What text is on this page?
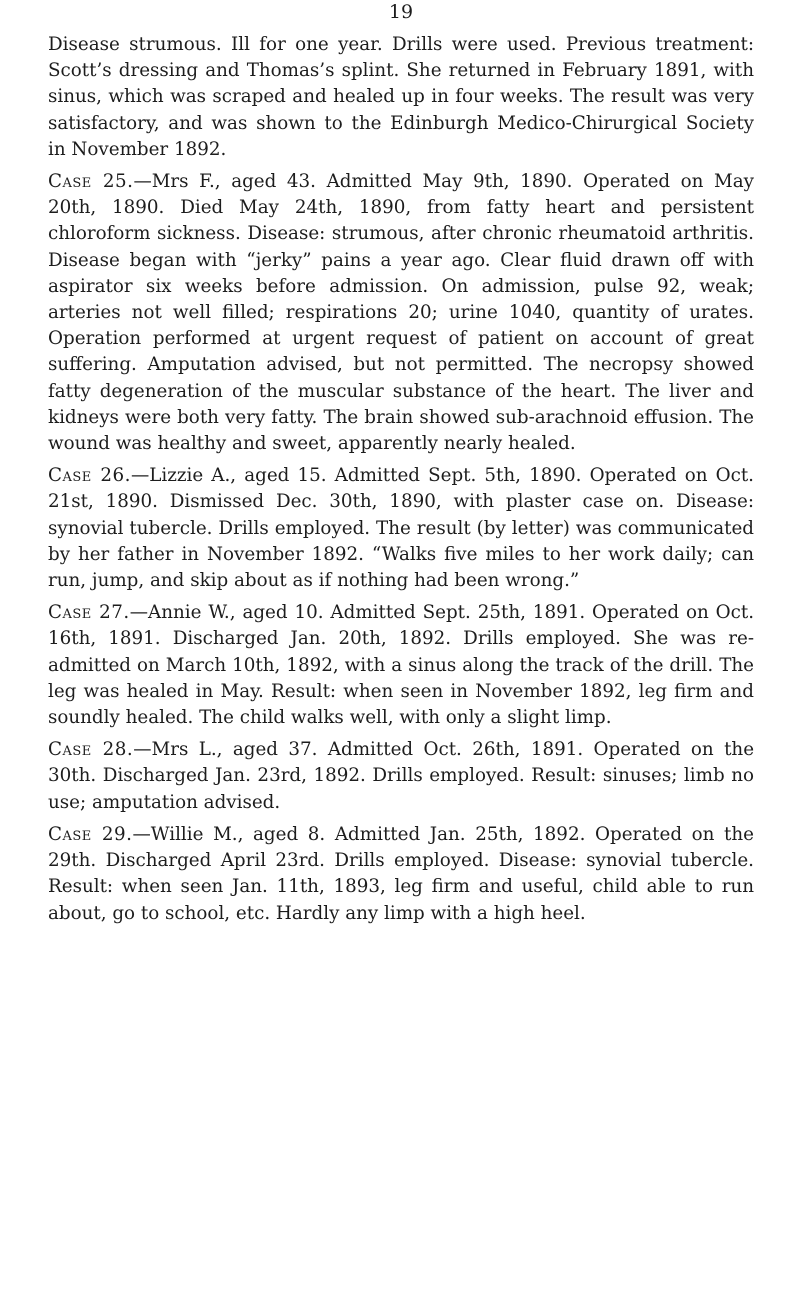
19

Disease strumous. Ill for one year. Drills were used. Previous treatment: Scott’s dressing and Thomas’s splint. She returned in February 1891, with sinus, which was scraped and healed up in four weeks. The result was very satisfactory, and was shown to the Edinburgh Medico-Chirurgical Society in November 1892.

Case 25.—Mrs F., aged 43. Admitted May 9th, 1890. Operated on May 20th, 1890. Died May 24th, 1890, from fatty heart and persistent chloroform sickness. Disease: strumous, after chronic rheumatoid arthritis. Disease began with “jerky” pains a year ago. Clear fluid drawn off with aspirator six weeks before admission. On admission, pulse 92, weak; arteries not well filled; respirations 20; urine 1040, quantity of urates. Operation performed at urgent request of patient on account of great suffering. Amputation advised, but not permitted. The necropsy showed fatty degeneration of the muscular substance of the heart. The liver and kidneys were both very fatty. The brain showed sub-arachnoid effusion. The wound was healthy and sweet, apparently nearly healed.

Case 26.—Lizzie A., aged 15. Admitted Sept. 5th, 1890. Operated on Oct. 21st, 1890. Dismissed Dec. 30th, 1890, with plaster case on. Disease: synovial tubercle. Drills employed. The result (by letter) was communicated by her father in November 1892. “Walks five miles to her work daily; can run, jump, and skip about as if nothing had been wrong.”

Case 27.—Annie W., aged 10. Admitted Sept. 25th, 1891. Operated on Oct. 16th, 1891. Discharged Jan. 20th, 1892. Drills employed. She was re-admitted on March 10th, 1892, with a sinus along the track of the drill. The leg was healed in May. Result: when seen in November 1892, leg firm and soundly healed. The child walks well, with only a slight limp.

Case 28.—Mrs L., aged 37. Admitted Oct. 26th, 1891. Operated on the 30th. Discharged Jan. 23rd, 1892. Drills employed. Result: sinuses; limb no use; amputation advised.

Case 29.—Willie M., aged 8. Admitted Jan. 25th, 1892. Operated on the 29th. Discharged April 23rd. Drills employed. Disease: synovial tubercle. Result: when seen Jan. 11th, 1893, leg firm and useful, child able to run about, go to school, etc. Hardly any limp with a high heel.
